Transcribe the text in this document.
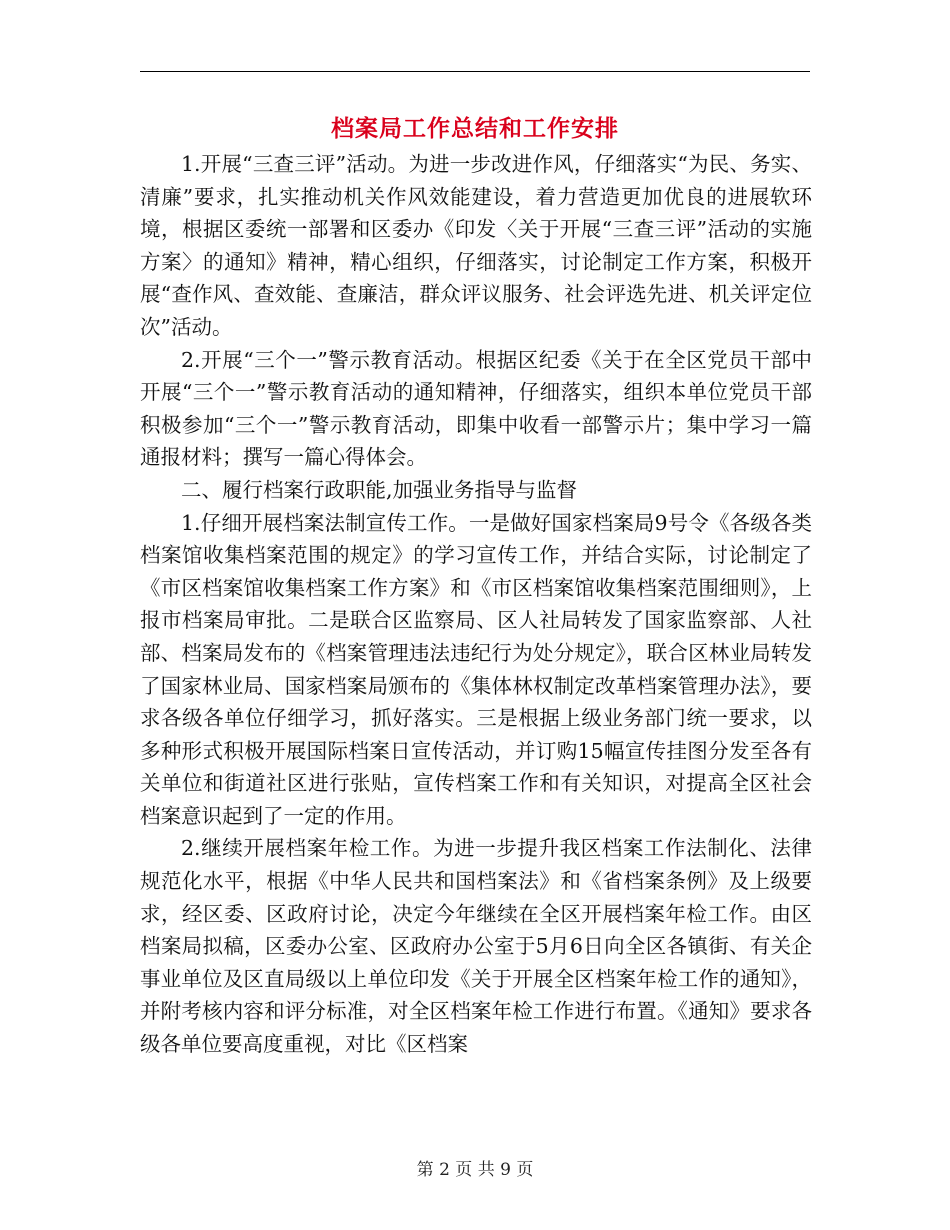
档案局工作总结和工作安排

1.开展“三查三评”活动。为进一步改进作风，仔细落实“为民、务实、清廉”要求，扎实推动机关作风效能建设，着力营造更加优良的进展软环境，根据区委统一部署和区委办《印发〈关于开展“三查三评”活动的实施方案〉的通知》精神，精心组织，仔细落实，讨论制定工作方案，积极开展“查作风、查效能、查廉洁，群众评议服务、社会评选先进、机关评定位次”活动。

2.开展“三个一”警示教育活动。根据区纪委《关于在全区党员干部中开展“三个一”警示教育活动的通知精神，仔细落实，组织本单位党员干部积极参加“三个一”警示教育活动，即集中收看一部警示片；集中学习一篇通报材料；撰写一篇心得体会。

二、履行档案行政职能,加强业务指导与监督

1.仔细开展档案法制宣传工作。一是做好国家档案局9号令《各级各类档案馆收集档案范围的规定》的学习宣传工作，并结合实际，讨论制定了《市区档案馆收集档案工作方案》和《市区档案馆收集档案范围细则》，上报市档案局审批。二是联合区监察局、区人社局转发了国家监察部、人社部、档案局发布的《档案管理违法违纪行为处分规定》，联合区林业局转发了国家林业局、国家档案局颁布的《集体林权制定改革档案管理办法》，要求各级各单位仔细学习，抓好落实。三是根据上级业务部门统一要求，以多种形式积极开展国际档案日宣传活动，并订购15幅宣传挂图分发至各有关单位和街道社区进行张贴，宣传档案工作和有关知识，对提高全区社会档案意识起到了一定的作用。

2.继续开展档案年检工作。为进一步提升我区档案工作法制化、法律规范化水平，根据《中华人民共和国档案法》和《省档案条例》及上级要求，经区委、区政府讨论，决定今年继续在全区开展档案年检工作。由区档案局拟稿，区委办公室、区政府办公室于5月6日向全区各镇街、有关企事业单位及区直局级以上单位印发《关于开展全区档案年检工作的通知》，并附考核内容和评分标准，对全区档案年检工作进行布置。《通知》要求各级各单位要高度重视，对比《区档案

第 2 页 共 9 页
